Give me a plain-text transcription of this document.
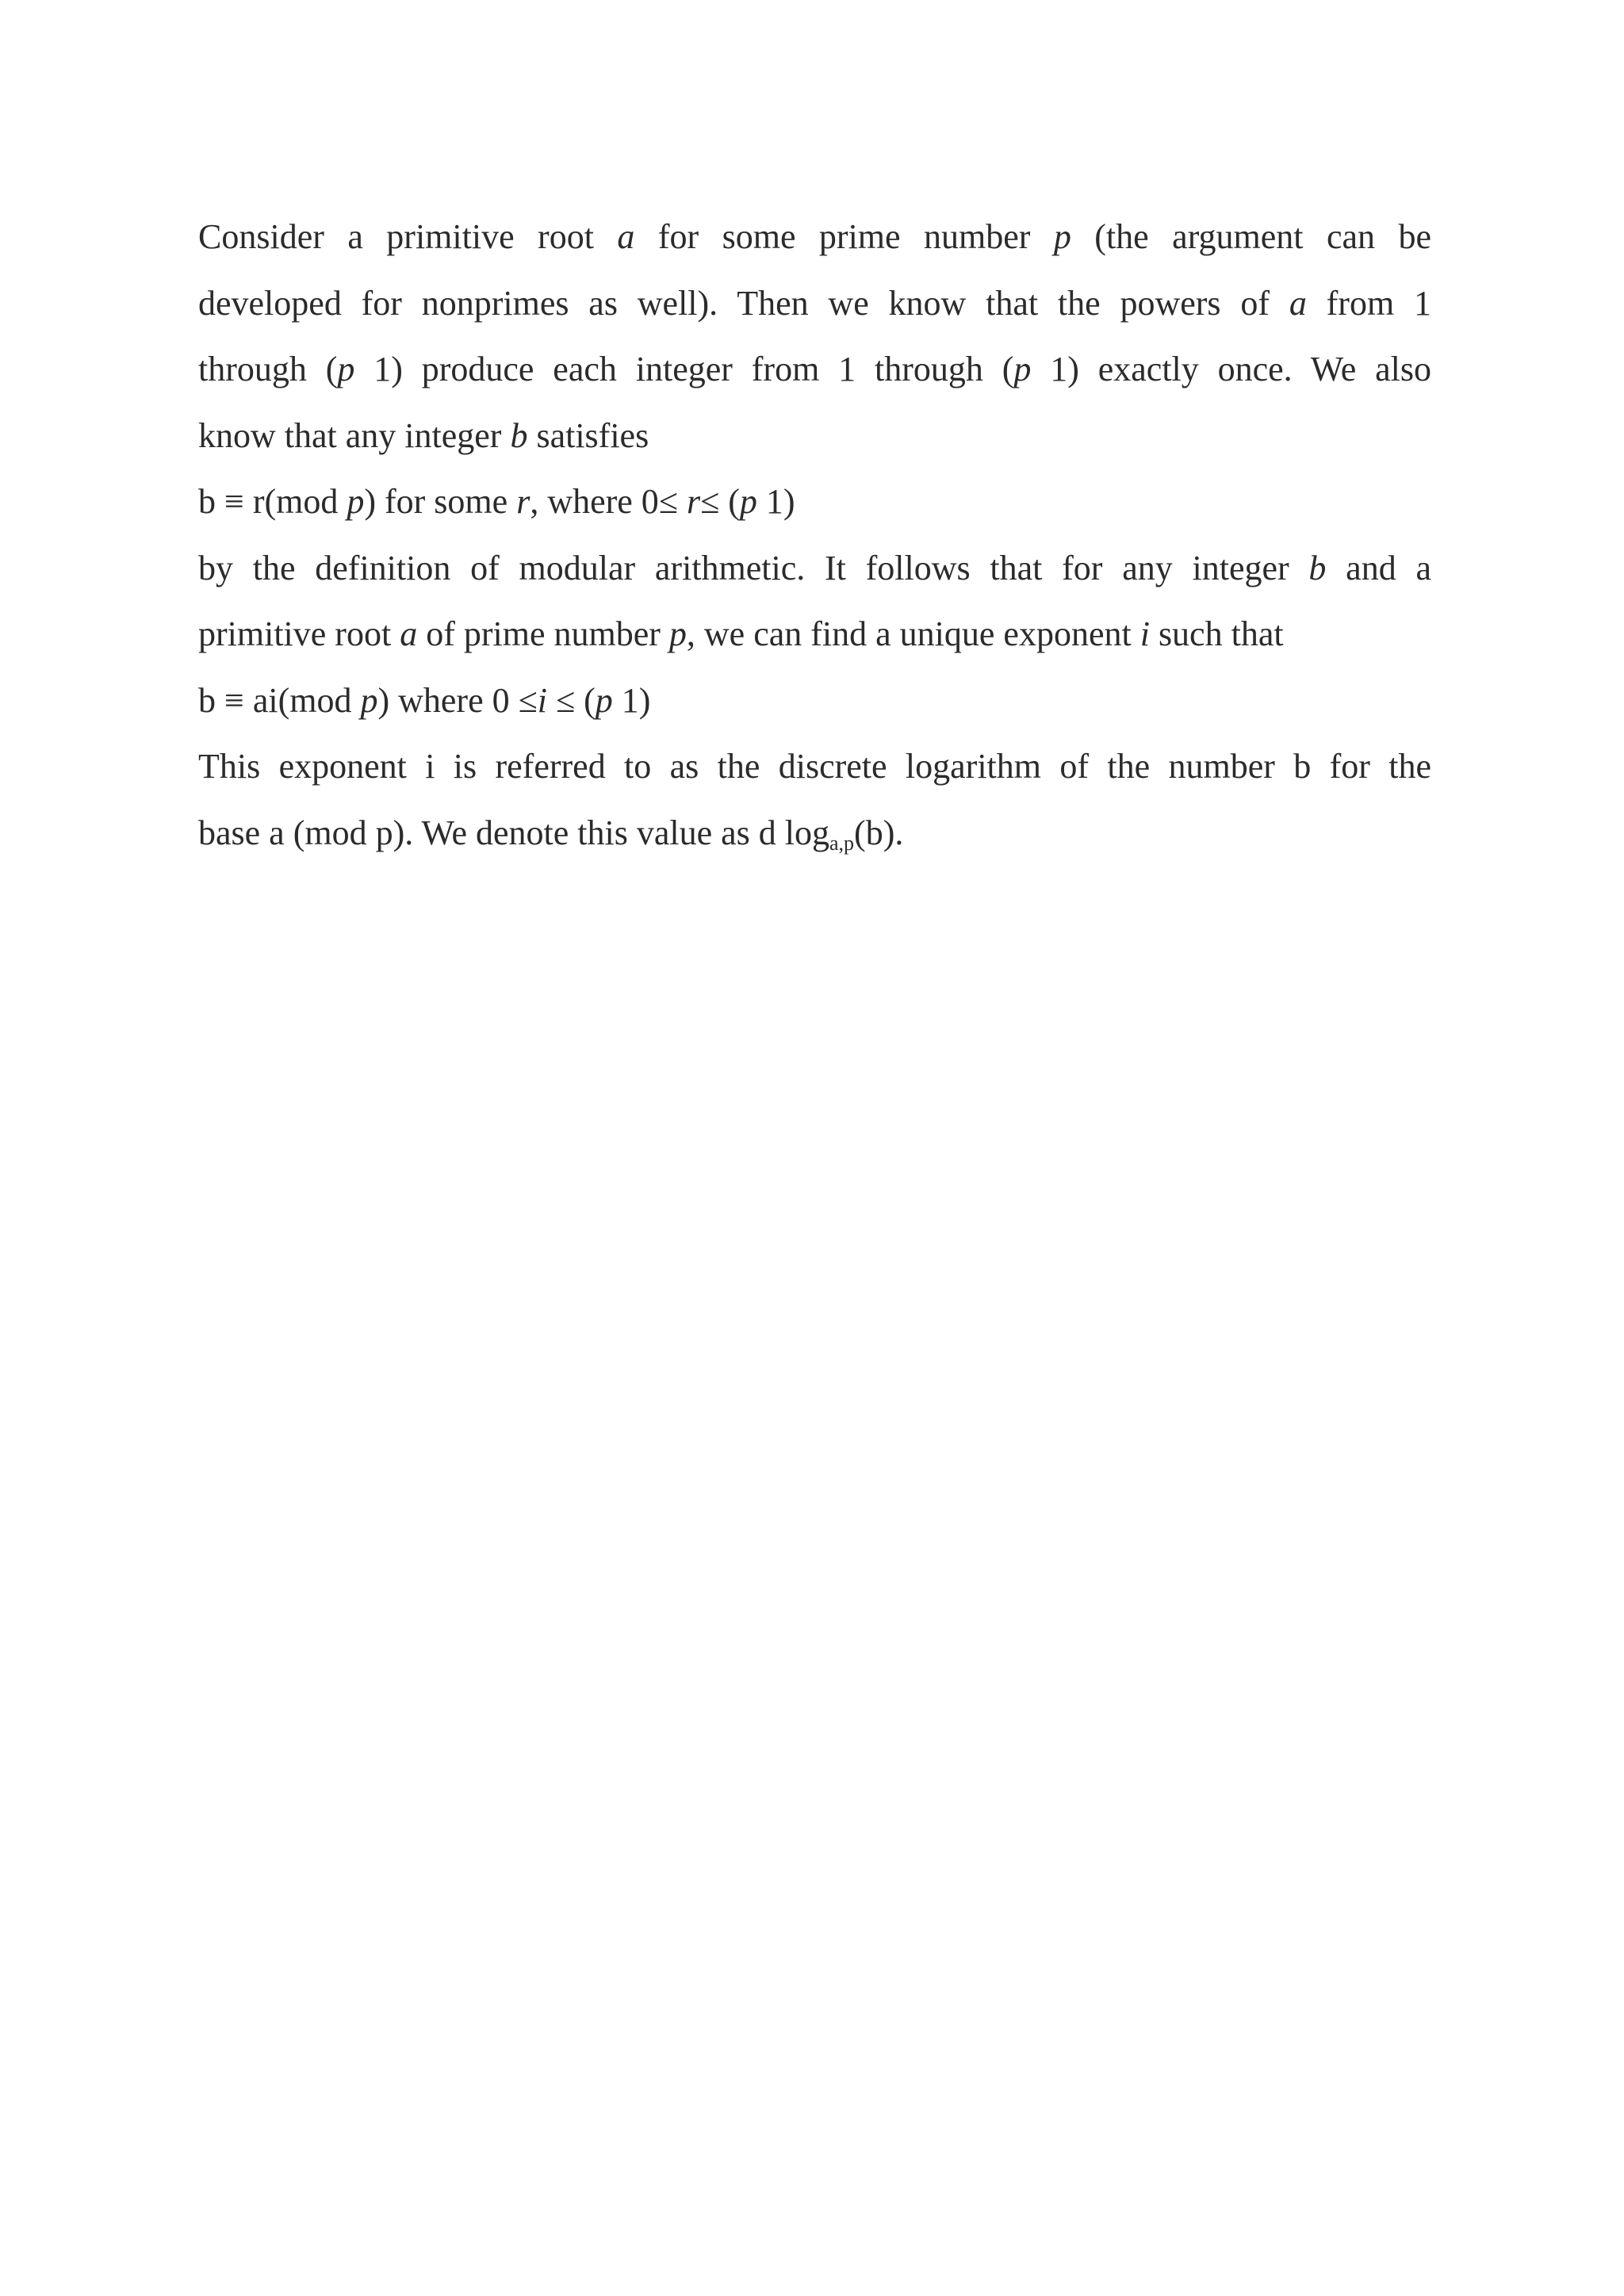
Consider a primitive root a for some prime number p (the argument can be
developed for nonprimes as well). Then we know that the powers of a from 1
through (p 1) produce each integer from 1 through (p 1) exactly once. We also
know that any integer b satisfies
b ≡ r(mod p) for some r, where 0≤ r≤ (p 1)
by the definition of modular arithmetic. It follows that for any integer b and a
primitive root a of prime number p, we can find a unique exponent i such that
b ≡ ai(mod p) where 0 ≤i ≤ (p 1)
This exponent i is referred to as the discrete logarithm of the number b for the
base a (mod p). We denote this value as d $\log_{a,p}(b)$.
